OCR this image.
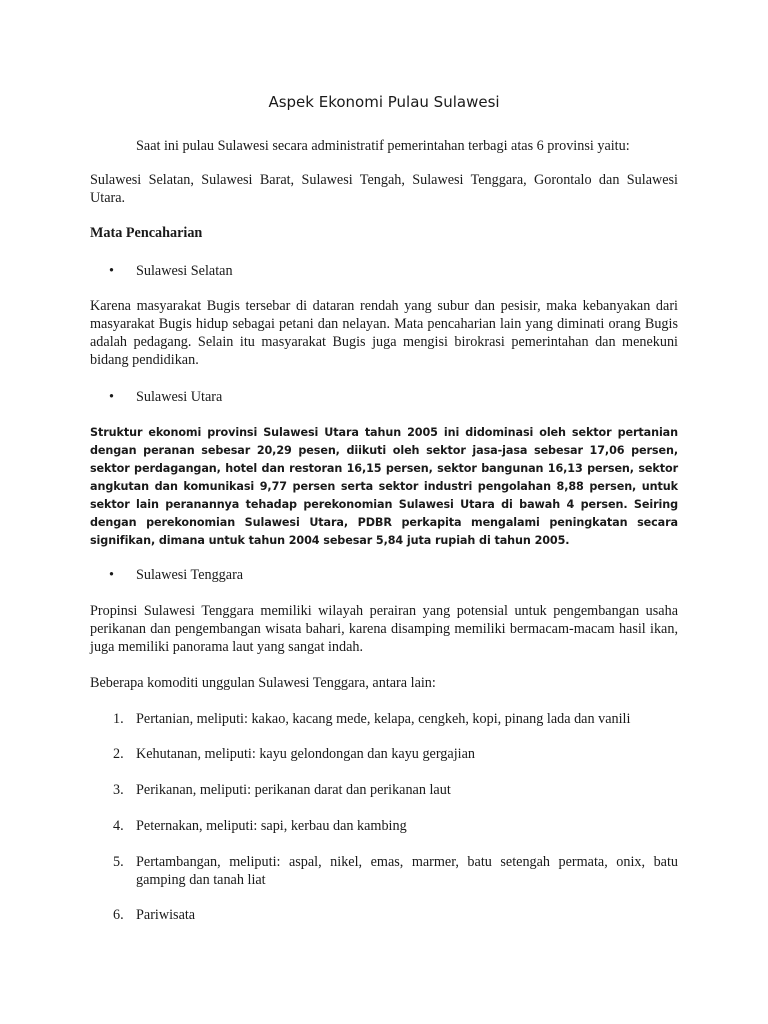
Aspek Ekonomi Pulau Sulawesi
Saat ini pulau Sulawesi secara administratif pemerintahan terbagi atas 6 provinsi yaitu:
Sulawesi Selatan, Sulawesi Barat, Sulawesi Tengah, Sulawesi Tenggara, Gorontalo dan Sulawesi Utara.
Mata Pencaharian
• Sulawesi Selatan
Karena masyarakat Bugis tersebar di dataran rendah yang subur dan pesisir, maka kebanyakan dari masyarakat Bugis hidup sebagai petani dan nelayan. Mata pencaharian lain yang diminati orang Bugis adalah pedagang. Selain itu masyarakat Bugis juga mengisi birokrasi pemerintahan dan menekuni bidang pendidikan.
• Sulawesi Utara
Struktur ekonomi provinsi Sulawesi Utara tahun 2005 ini didominasi oleh sektor pertanian dengan peranan sebesar 20,29 pesen, diikuti oleh sektor jasa-jasa sebesar 17,06 persen, sektor perdagangan, hotel dan restoran 16,15 persen, sektor bangunan 16,13 persen, sektor angkutan dan komunikasi 9,77 persen serta sektor industri pengolahan 8,88 persen, untuk sektor lain peranannya tehadap perekonomian Sulawesi Utara di bawah 4 persen. Seiring dengan perekonomian Sulawesi Utara, PDBR perkapita mengalami peningkatan secara signifikan, dimana untuk tahun 2004 sebesar 5,84 juta rupiah di tahun 2005.
• Sulawesi Tenggara
Propinsi Sulawesi Tenggara memiliki wilayah perairan yang potensial untuk pengembangan usaha perikanan dan pengembangan wisata bahari, karena disamping memiliki bermacam-macam hasil ikan, juga memiliki panorama laut yang sangat indah.
Beberapa komoditi unggulan Sulawesi Tenggara, antara lain:
1. Pertanian, meliputi: kakao, kacang mede, kelapa, cengkeh, kopi, pinang lada dan vanili
2. Kehutanan, meliputi: kayu gelondongan dan kayu gergajian
3. Perikanan, meliputi: perikanan darat dan perikanan laut
4. Peternakan, meliputi: sapi, kerbau dan kambing
5. Pertambangan, meliputi: aspal, nikel, emas, marmer, batu setengah permata, onix, batu gamping dan tanah liat
6. Pariwisata
